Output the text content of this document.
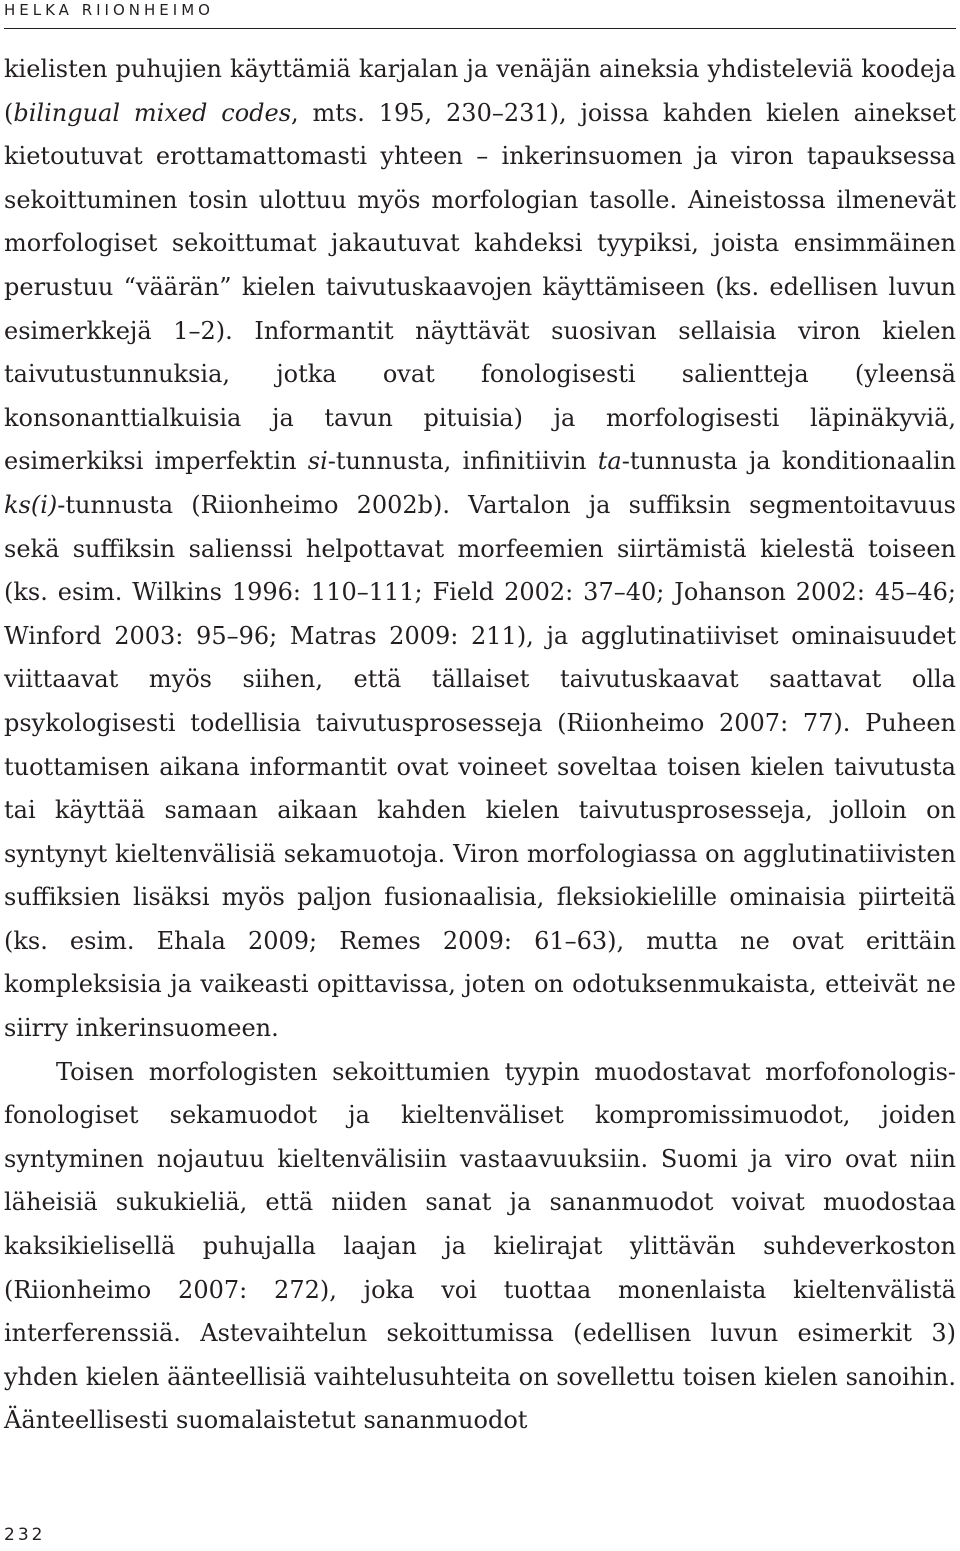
HELKA RIIONHEIMO

kielisten puhujien käyttämiä karjalan ja venäjän aineksia yhdisteleviä koodeja (bilingual mixed codes, mts. 195, 230–231), joissa kahden kielen ainekset kietoutuvat erottamattomasti yhteen – inkerinsuomen ja viron tapauksessa sekoittuminen tosin ulottuu myös morfologian tasolle. Aineistossa ilmenevät morfologiset sekoittumat jakautuvat kahdeksi tyypiksi, joista ensimmäinen perustuu “väärän” kielen taivutuskaavojen käyttämiseen (ks. edellisen luvun esimerkkejä 1–2). Informantit näyttävät suosivan sellaisia viron kielen taivutustunnuksia, jotka ovat fonologisesti salientteja (yleensä konsonanttialkuisia ja tavun pituisia) ja morfologisesti läpinäkyviä, esimerkiksi imperfektin si-tunnusta, infinitiivin ta-tunnusta ja konditionaalin ks(i)-tunnusta (Riionheimo 2002b). Vartalon ja suffiksin segmentoitavuus sekä suffiksin salienssi helpottavat morfeemien siirtämistä kielestä toiseen (ks. esim. Wilkins 1996: 110–111; Field 2002: 37–40; Johanson 2002: 45–46; Winford 2003: 95–96; Matras 2009: 211), ja agglutinatiiviset ominaisuudet viittaavat myös siihen, että tällaiset taivutuskaavat saattavat olla psykologisesti todellisia taivutusprosesseja (Riionheimo 2007: 77). Puheen tuottamisen aikana informantit ovat voineet soveltaa toisen kielen taivutusta tai käyttää samaan aikaan kahden kielen taivutusprosesseja, jolloin on syntynyt kieltenvälisiä sekamuotoja. Viron morfologiassa on agglutinatiivisten suffiksien lisäksi myös paljon fusionaalisia, fleksiokielille ominaisia piirteitä (ks. esim. Ehala 2009; Remes 2009: 61–63), mutta ne ovat erittäin kompleksisia ja vaikeasti opittavissa, joten on odotuksenmukaista, etteivät ne siirry inkerinsuomeen.

Toisen morfologisten sekoittumien tyypin muodostavat morfofonologis-fonologiset sekamuodot ja kieltenväliset kompromissimuodot, joiden syntyminen nojautuu kieltenvälisiin vastaavuuksiin. Suomi ja viro ovat niin läheisiä sukukieliä, että niiden sanat ja sananmuodot voivat muodostaa kaksikielisellä puhujalla laajan ja kielirajat ylittävän suhdeverkoston (Riionheimo 2007: 272), joka voi tuottaa monenlaista kieltenvälistä interferenssiä. Astevaihtelun sekoittumissa (edellisen luvun esimerkit 3) yhden kielen äänteellisiä vaihtelusuhteita on sovellettu toisen kielen sanoihin. Äänteellisesti suomalaistetut sananmuodot

232
